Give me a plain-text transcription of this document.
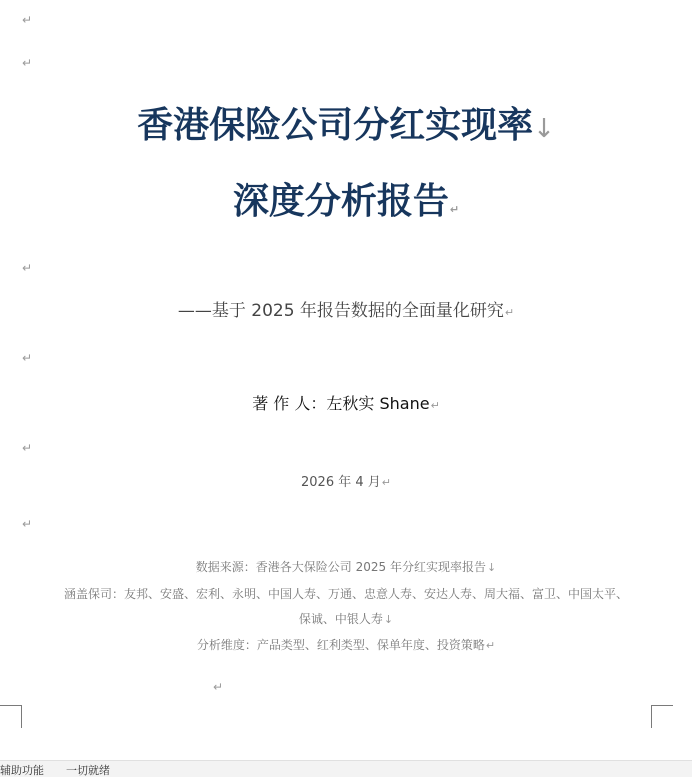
↵
↵
香港保险公司分红实现率↓
深度分析报告↵
↵
——基于 2025 年报告数据的全面量化研究↵
↵
著 作 人：左秋实 Shane↵
↵
2026 年 4 月↵
↵
数据来源：香港各大保险公司 2025 年分红实现率报告↓
涵盖保司：友邦、安盛、宏利、永明、中国人寿、万通、忠意人寿、安达人寿、周大福、富卫、中国太平、
保诚、中银人寿↓
分析维度：产品类型、红利类型、保单年度、投资策略↵
↵
辅助功能 一切就绪
